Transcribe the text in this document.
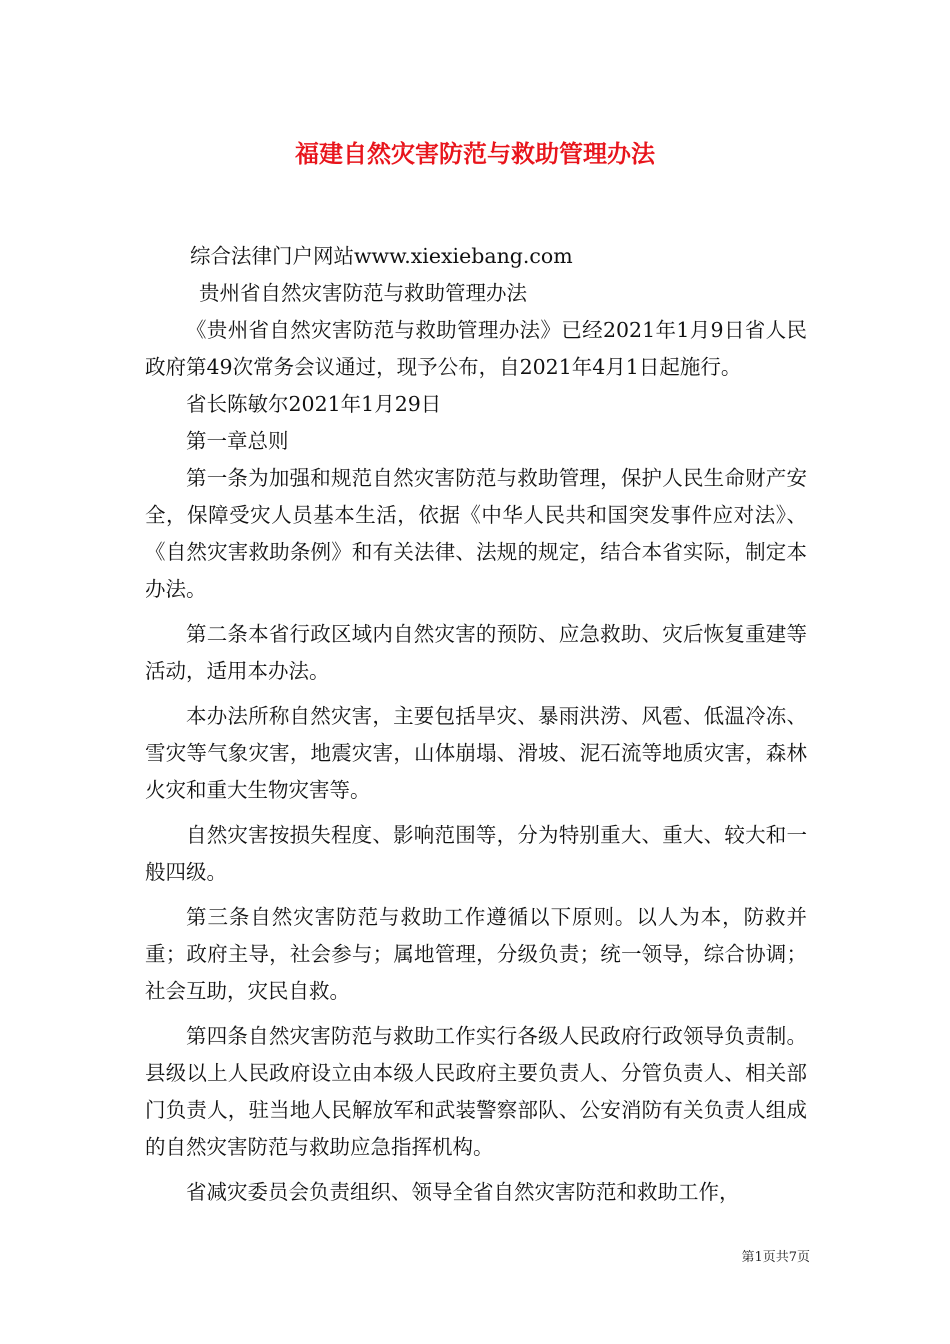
福建自然灾害防范与救助管理办法

综合法律门户网站www.xiexiebang.com

贵州省自然灾害防范与救助管理办法

《贵州省自然灾害防范与救助管理办法》已经2021年1月9日省人民政府第49次常务会议通过，现予公布，自2021年4月1日起施行。

省长陈敏尔2021年1月29日

第一章总则

第一条为加强和规范自然灾害防范与救助管理，保护人民生命财产安全，保障受灾人员基本生活，依据《中华人民共和国突发事件应对法》、《自然灾害救助条例》和有关法律、法规的规定，结合本省实际，制定本办法。

第二条本省行政区域内自然灾害的预防、应急救助、灾后恢复重建等活动，适用本办法。

本办法所称自然灾害，主要包括旱灾、暴雨洪涝、风雹、低温冷冻、雪灾等气象灾害，地震灾害，山体崩塌、滑坡、泥石流等地质灾害，森林火灾和重大生物灾害等。

自然灾害按损失程度、影响范围等，分为特别重大、重大、较大和一般四级。

第三条自然灾害防范与救助工作遵循以下原则。以人为本，防救并重；政府主导，社会参与；属地管理，分级负责；统一领导，综合协调；社会互助，灾民自救。

第四条自然灾害防范与救助工作实行各级人民政府行政领导负责制。县级以上人民政府设立由本级人民政府主要负责人、分管负责人、相关部门负责人，驻当地人民解放军和武装警察部队、公安消防有关负责人组成的自然灾害防范与救助应急指挥机构。

省减灾委员会负责组织、领导全省自然灾害防范和救助工作，

第1页共7页
